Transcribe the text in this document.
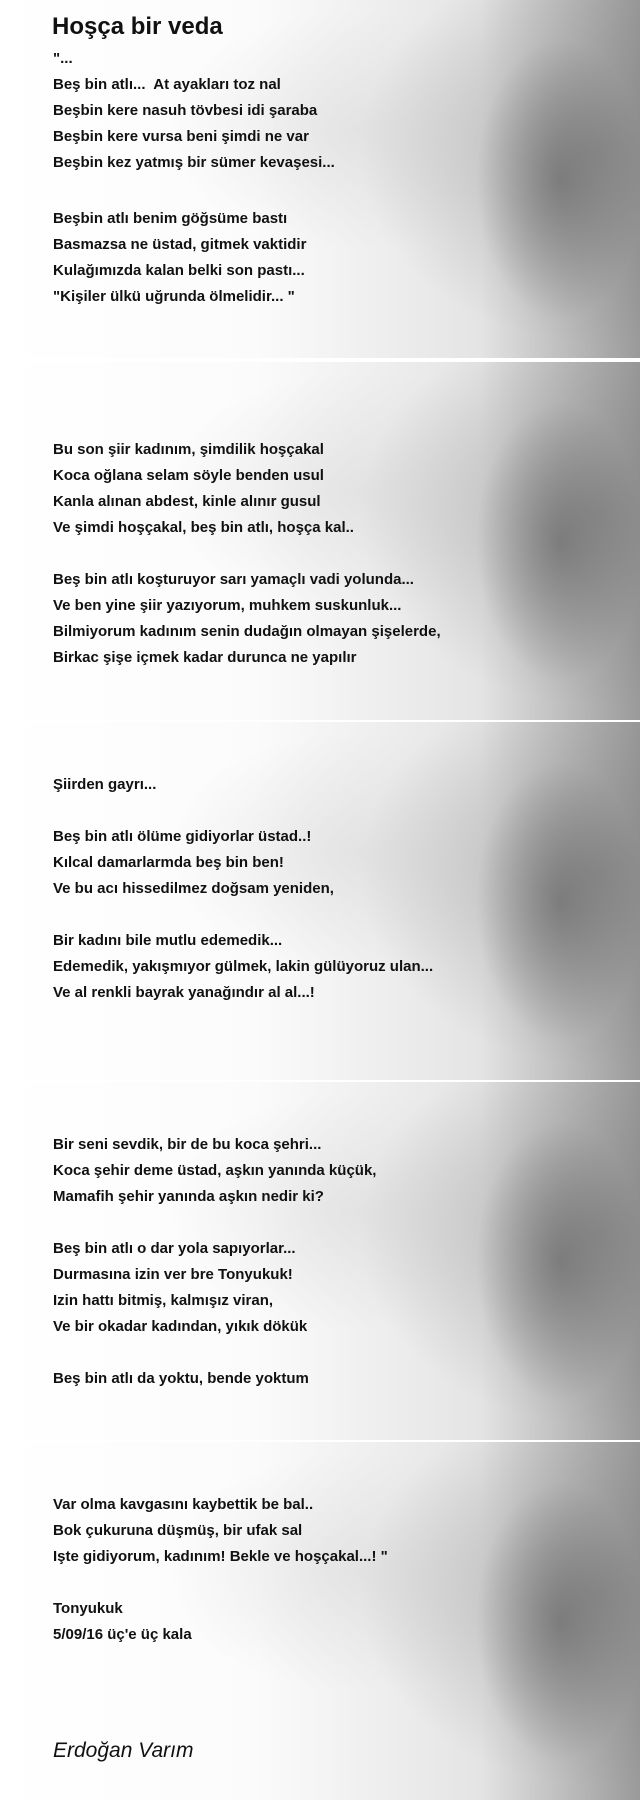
Hoşça bir veda
"...
Beş bin atlı...  At ayakları toz nal
Beşbin kere nasuh tövbesi idi şaraba
Beşbin kere vursa beni şimdi ne var
Beşbin kez yatmış bir sümer kevaşesi...
Beşbin atlı benim göğsüme bastı
Basmazsa ne üstad, gitmek vaktidir
Kulağımızda kalan belki son pastı...
"Kişiler ülkü uğrunda ölmelidir... "
Bu son şiir kadınım, şimdilik hoşçakal
Koca oğlana selam söyle benden usul
Kanla alınan abdest, kinle alınır gusul
Ve şimdi hoşçakal, beş bin atlı, hoşça kal..
Beş bin atlı koşturuyor sarı yamaçlı vadi yolunda...
Ve ben yine şiir yazıyorum, muhkem suskunluk...
Bilmiyorum kadınım senin dudağın olmayan şişelerde,
Birkac şişe içmek kadar durunca ne yapılır
Şiirden gayrı...
Beş bin atlı ölüme gidiyorlar üstad..!
Kılcal damarlarmda beş bin ben!
Ve bu acı hissedilmez doğsam yeniden,
Bir kadını bile mutlu edemedik...
Edemedik, yakışmıyor gülmek, lakin gülüyoruz ulan...
Ve al renkli bayrak yanağındır al al...!
Bir seni sevdik, bir de bu koca şehri...
Koca şehir deme üstad, aşkın yanında küçük,
Mamafih şehir yanında aşkın nedir ki?
Beş bin atlı o dar yola sapıyorlar...
Durmasına izin ver bre Tonyukuk!
Izin hattı bitmiş, kalmışız viran,
Ve bir okadar kadından, yıkık dökük
Beş bin atlı da yoktu, bende yoktum
Var olma kavgasını kaybettik be bal..
Bok çukuruna düşmüş, bir ufak sal
Işte gidiyorum, kadınım! Bekle ve hoşçakal...! "
Tonyukuk
5/09/16 üç'e üç kala

Erdoğan Varım
